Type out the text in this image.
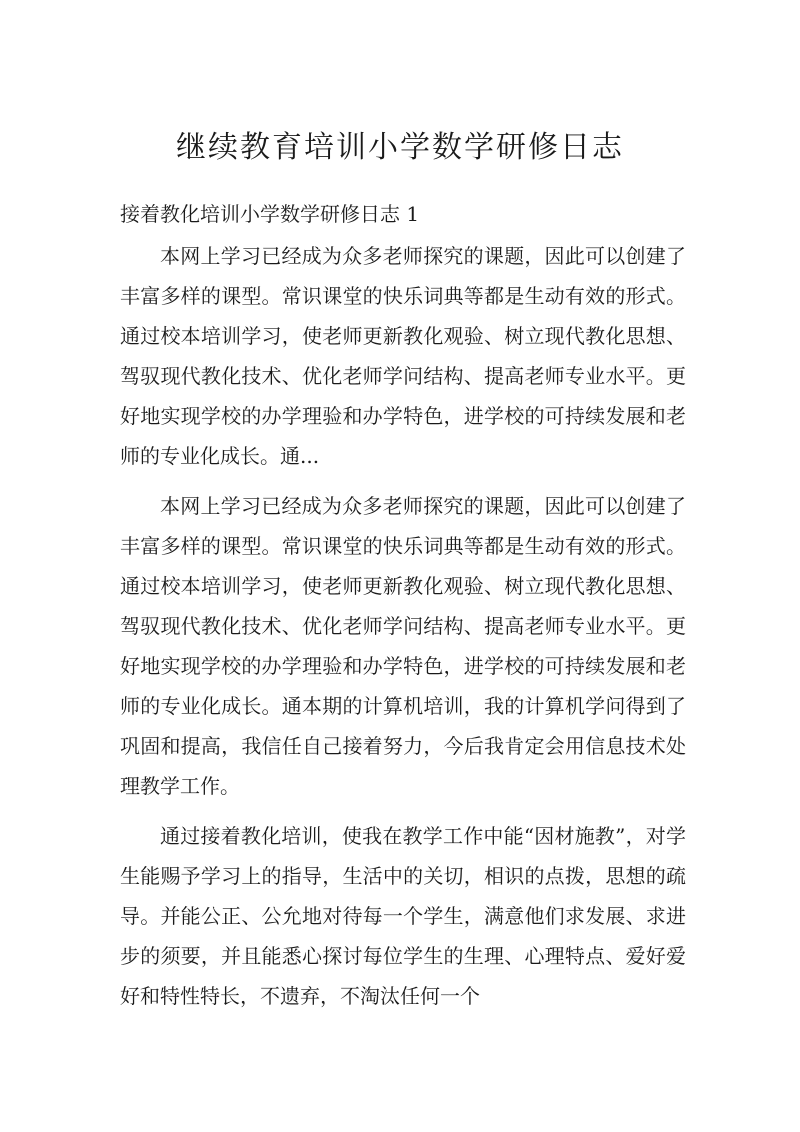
继续教育培训小学数学研修日志
接着教化培训小学数学研修日志 1

本网上学习已经成为众多老师探究的课题，因此可以创建了丰富多样的课型。常识课堂的快乐词典等都是生动有效的形式。通过校本培训学习，使老师更新教化观验、树立现代教化思想、驾驭现代教化技术、优化老师学问结构、提高老师专业水平。更好地实现学校的办学理验和办学特色，进学校的可持续发展和老师的专业化成长。通...

本网上学习已经成为众多老师探究的课题，因此可以创建了丰富多样的课型。常识课堂的快乐词典等都是生动有效的形式。通过校本培训学习，使老师更新教化观验、树立现代教化思想、驾驭现代教化技术、优化老师学问结构、提高老师专业水平。更好地实现学校的办学理验和办学特色，进学校的可持续发展和老师的专业化成长。通本期的计算机培训，我的计算机学问得到了巩固和提高，我信任自己接着努力，今后我肯定会用信息技术处理教学工作。

通过接着教化培训，使我在教学工作中能“因材施教”，对学生能赐予学习上的指导，生活中的关切，相识的点拨，思想的疏导。并能公正、公允地对待每一个学生，满意他们求发展、求进步的须要，并且能悉心探讨每位学生的生理、心理特点、爱好爱好和特性特长，不遗弃，不淘汰任何一个
